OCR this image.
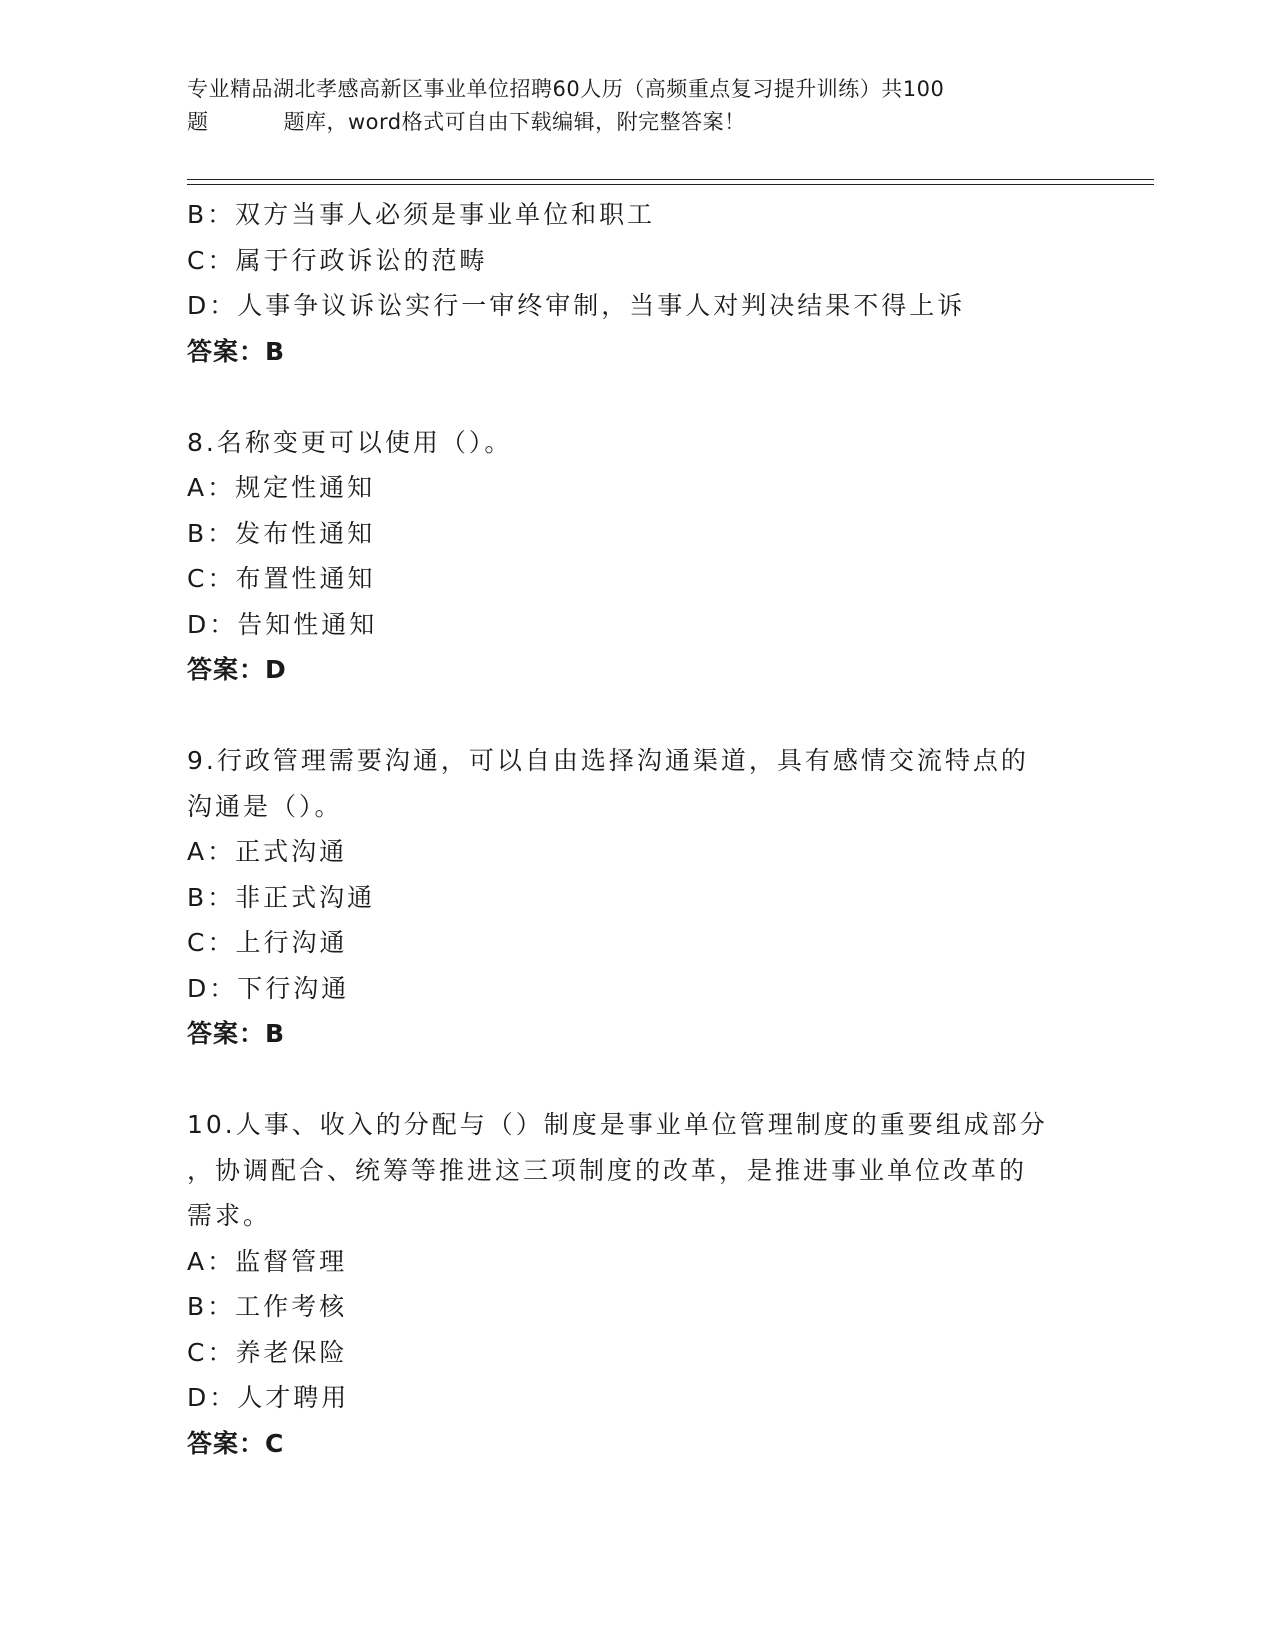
专业精品湖北孝感高新区事业单位招聘60人历（高频重点复习提升训练）共100
题	题库，word格式可自由下载编辑，附完整答案！
B：双方当事人必须是事业单位和职工
C：属于行政诉讼的范畴
D：人事争议诉讼实行一审终审制，当事人对判决结果不得上诉
答案：B
8.名称变更可以使用（）。
A：规定性通知
B：发布性通知
C：布置性通知
D：告知性通知
答案：D
9.行政管理需要沟通，可以自由选择沟通渠道，具有感情交流特点的
沟通是（）。
A：正式沟通
B：非正式沟通
C：上行沟通
D：下行沟通
答案：B
10.人事、收入的分配与（）制度是事业单位管理制度的重要组成部分
，协调配合、统筹等推进这三项制度的改革，是推进事业单位改革的
需求。
A：监督管理
B：工作考核
C：养老保险
D：人才聘用
答案：C
